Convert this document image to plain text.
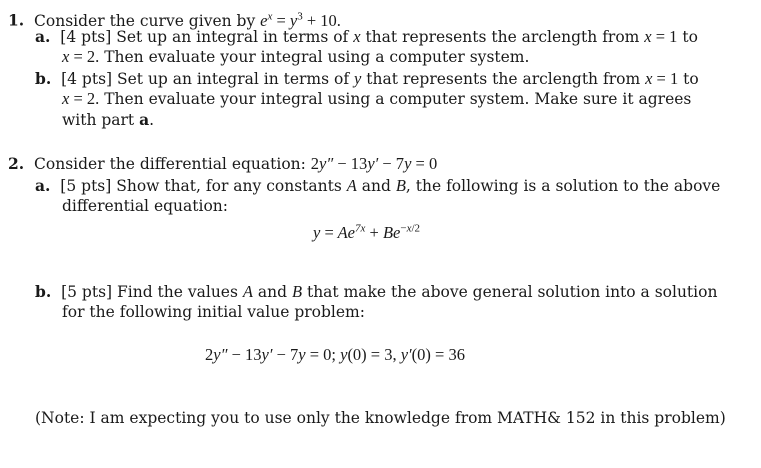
1.  Consider the curve given by $e^x = y^3 + 10$.
a.  [4 pts] Set up an integral in terms of x that represents the arclength from x = 1 to
x = 2. Then evaluate your integral using a computer system.
b.  [4 pts] Set up an integral in terms of y that represents the arclength from x = 1 to
x = 2. Then evaluate your integral using a computer system. Make sure it agrees
with part a.
2.  Consider the differential equation: 2y″ − 13y′ − 7y = 0
a.  [5 pts] Show that, for any constants A and B, the following is a solution to the above
differential equation:
$y = Ae^{7x} + Be^{-x/2}$
b.  [5 pts] Find the values A and B that make the above general solution into a solution
for the following initial value problem:
2y″ − 13y′ − 7y = 0; y(0) = 3, y′(0) = 36
(Note: I am expecting you to use only the knowledge from MATH& 152 in this problem)
